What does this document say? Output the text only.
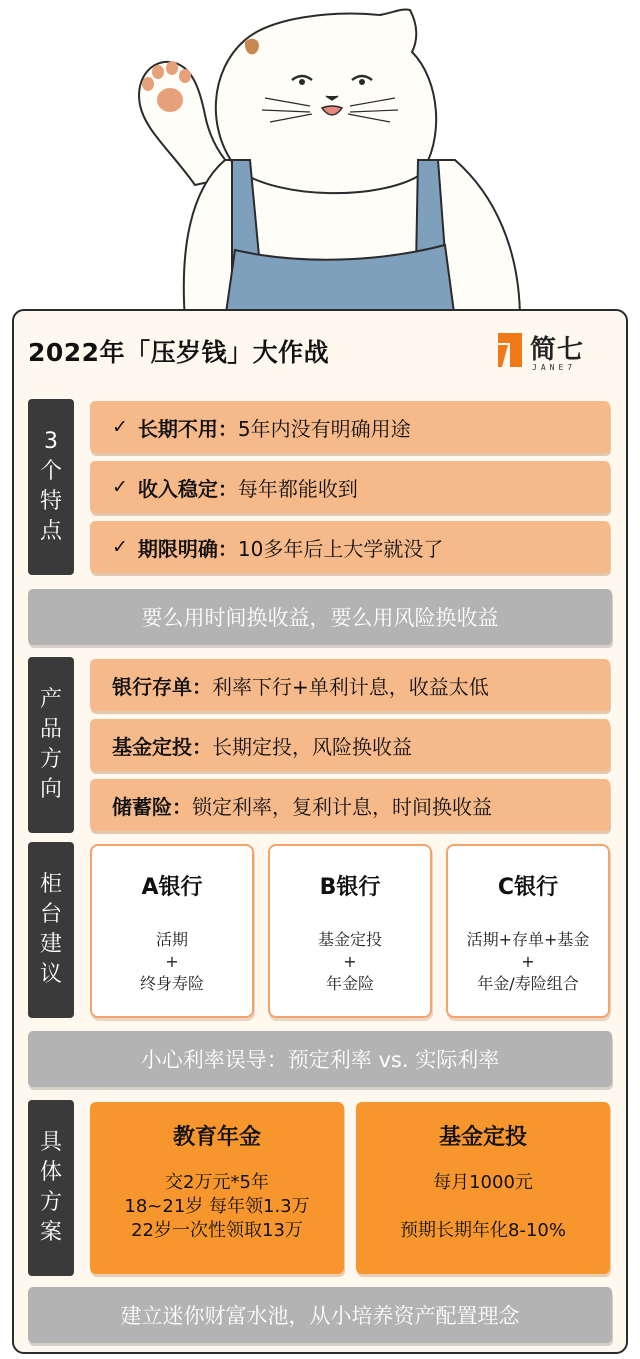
2022年「压岁钱」大作战	简七
JANE7
3
个
特
点
✓ 长期不用： 5年内没有明确用途
✓ 收入稳定： 每年都能收到
✓ 期限明确： 10多年后上大学就没了
要么用时间换收益，要么用风险换收益
产
品
方
向
银行存单： 利率下行+单利计息，收益太低
基金定投： 长期定投，风险换收益
储蓄险： 锁定利率，复利计息，时间换收益
柜
台
建
议
A银行
活期
+
终身寿险
B银行
基金定投
+
年金险
C银行
活期+存单+基金
+
年金/寿险组合
小心利率误导：预定利率 vs. 实际利率
具
体
方
案
教育年金
交2万元*5年
18~21岁 每年领1.3万
22岁一次性领取13万
基金定投
每月1000元
预期长期年化8-10%
建立迷你财富水池，从小培养资产配置理念
